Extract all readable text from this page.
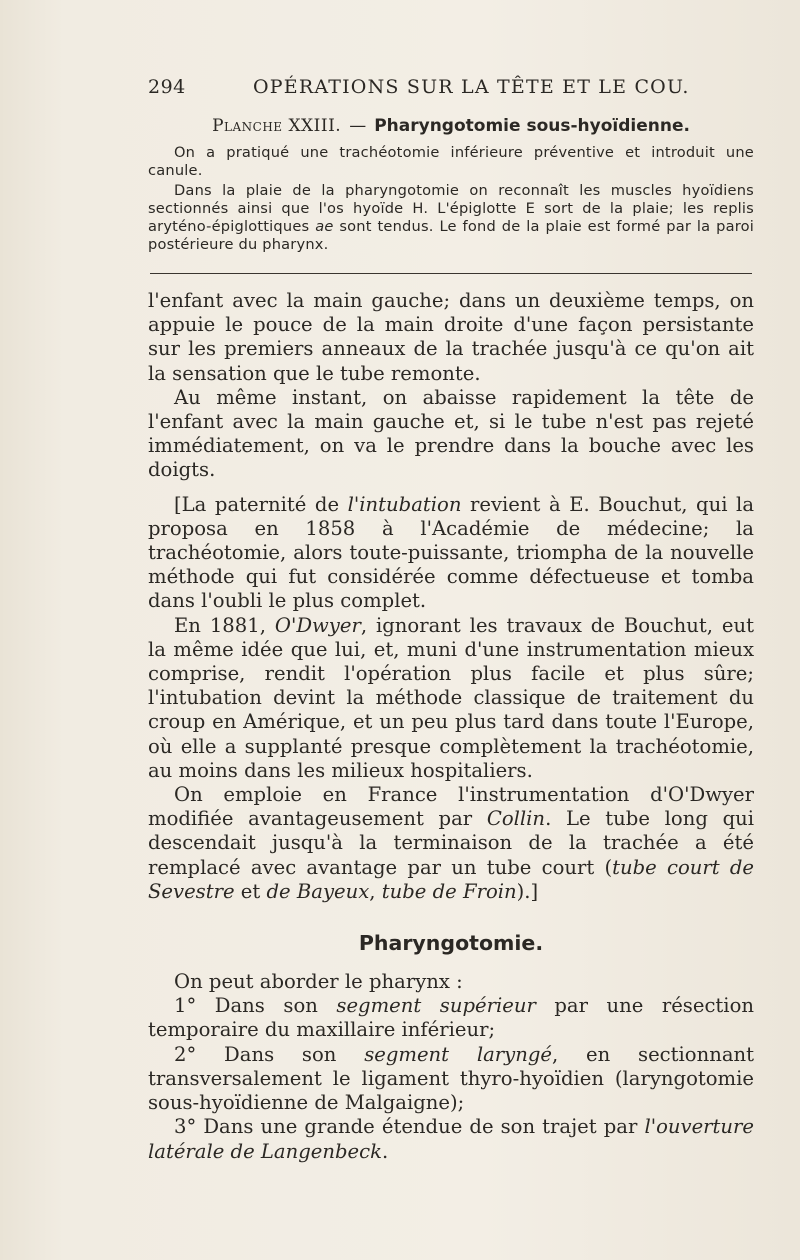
294	OPÉRATIONS SUR LA TÊTE ET LE COU.
Planche XXIII. — Pharyngotomie sous-hyoïdienne.

On a pratiqué une trachéotomie inférieure préventive et introduit une canule.

Dans la plaie de la pharyngotomie on reconnaît les muscles hyoïdiens sectionnés ainsi que l'os hyoïde H. L'épiglotte E sort de la plaie; les replis aryténo-épiglottiques ae sont tendus. Le fond de la plaie est formé par la paroi postérieure du pharynx.

l'enfant avec la main gauche; dans un deuxième temps, on appuie le pouce de la main droite d'une façon persistante sur les premiers anneaux de la trachée jusqu'à ce qu'on ait la sensation que le tube remonte.

Au même instant, on abaisse rapidement la tête de l'enfant avec la main gauche et, si le tube n'est pas rejeté immédiatement, on va le prendre dans la bouche avec les doigts.

[La paternité de l'intubation revient à E. Bouchut, qui la proposa en 1858 à l'Académie de médecine; la trachéotomie, alors toute-puissante, triompha de la nouvelle méthode qui fut considérée comme défectueuse et tomba dans l'oubli le plus complet.

En 1881, O'Dwyer, ignorant les travaux de Bouchut, eut la même idée que lui, et, muni d'une instrumentation mieux comprise, rendit l'opération plus facile et plus sûre; l'intubation devint la méthode classique de traitement du croup en Amérique, et un peu plus tard dans toute l'Europe, où elle a supplanté presque complètement la trachéotomie, au moins dans les milieux hospitaliers.

On emploie en France l'instrumentation d'O'Dwyer modifiée avantageusement par Collin. Le tube long qui descendait jusqu'à la terminaison de la trachée a été remplacé avec avantage par un tube court (tube court de Sevestre et de Bayeux, tube de Froin).]

Pharyngotomie.

On peut aborder le pharynx :

1° Dans son segment supérieur par une résection temporaire du maxillaire inférieur;

2° Dans son segment laryngé, en sectionnant transversalement le ligament thyro-hyoïdien (laryngotomie sous-hyoïdienne de Malgaigne);

3° Dans une grande étendue de son trajet par l'ouverture latérale de Langenbeck.
